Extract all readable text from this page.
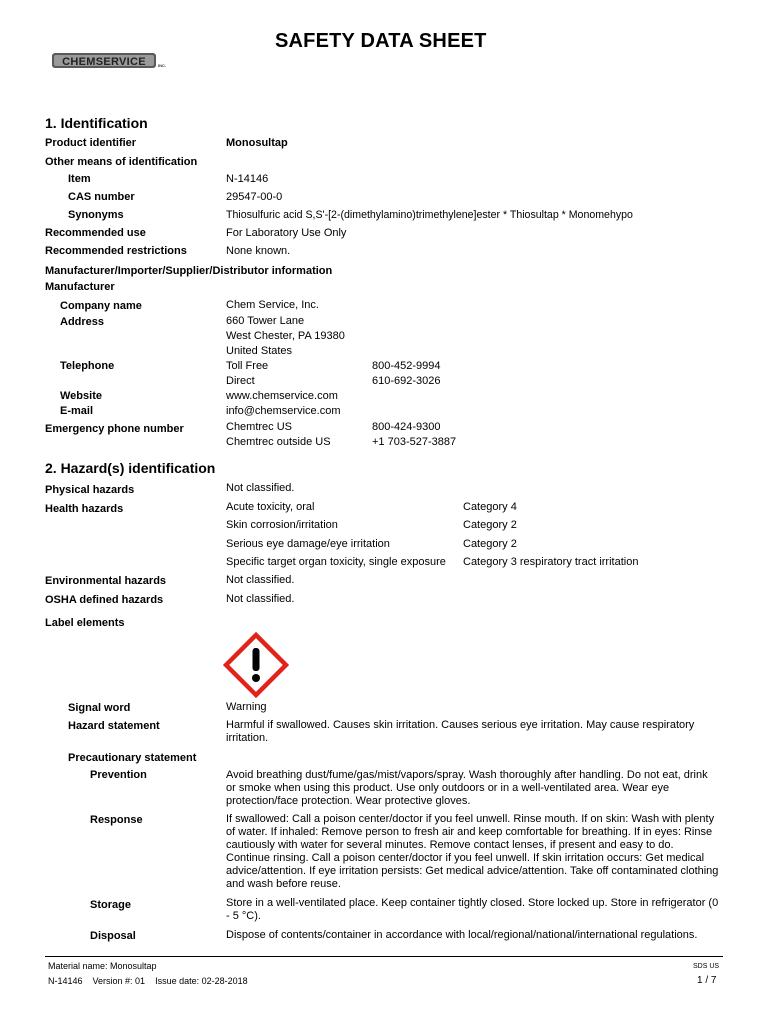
SAFETY DATA SHEET
CHEMSERVICE	INC.
1. Identification
Product identifier	Monosultap
Other means of identification
Item	N-14146
CAS number	29547-00-0
Synonyms	Thiosulfuric acid S,S'-[2-(dimethylamino)trimethylene]ester * Thiosultap * Monomehypo
Recommended use	For Laboratory Use Only
Recommended restrictions	None known.
Manufacturer/Importer/Supplier/Distributor information
Manufacturer
Company name	Chem Service, Inc.
Address	660 Tower Lane
West Chester, PA 19380
United States
Telephone	Toll Free	800-452-9994
Direct	610-692-3026
Website	www.chemservice.com
E-mail	info@chemservice.com
Emergency phone number	Chemtrec US	800-424-9300
Chemtrec outside US	+1 703-527-3887
2. Hazard(s) identification
Physical hazards	Not classified.
Health hazards	Acute toxicity, oral	Category 4
Skin corrosion/irritation	Category 2
Serious eye damage/eye irritation	Category 2
Specific target organ toxicity, single exposure Category 3 respiratory tract irritation
Environmental hazards	Not classified.
OSHA defined hazards	Not classified.
Label elements
Signal word	Warning
Hazard statement	Harmful if swallowed. Causes skin irritation. Causes serious eye irritation. May cause respiratory irritation.
Precautionary statement
Prevention	Avoid breathing dust/fume/gas/mist/vapors/spray. Wash thoroughly after handling. Do not eat, drink or smoke when using this product. Use only outdoors or in a well-ventilated area. Wear eye protection/face protection. Wear protective gloves.
Response	If swallowed: Call a poison center/doctor if you feel unwell. Rinse mouth. If on skin: Wash with plenty of water. If inhaled: Remove person to fresh air and keep comfortable for breathing. If in eyes: Rinse cautiously with water for several minutes. Remove contact lenses, if present and easy to do. Continue rinsing. Call a poison center/doctor if you feel unwell. If skin irritation occurs: Get medical advice/attention. If eye irritation persists: Get medical advice/attention. Take off contaminated clothing and wash before reuse.
Storage	Store in a well-ventilated place. Keep container tightly closed. Store locked up. Store in refrigerator (0 - 5 °C).
Disposal	Dispose of contents/container in accordance with local/regional/national/international regulations.
Material name: Monosultap
N-14146    Version #: 01    Issue date: 02-28-2018
SDS US
1 / 7
